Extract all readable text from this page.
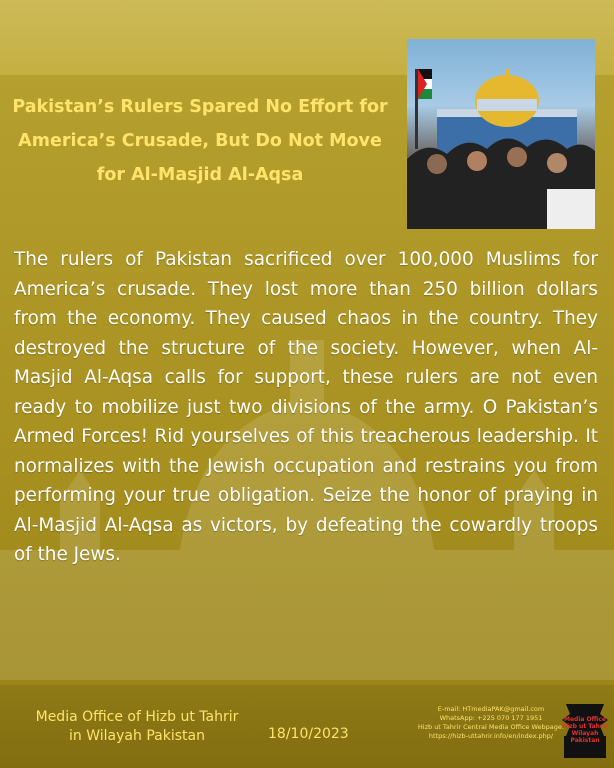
Pakistan’s Rulers Spared No Effort for
America’s Crusade, But Do Not Move
for Al-Masjid Al-Aqsa
The rulers of Pakistan sacrificed over 100,000 Muslims for America’s crusade. They lost more than 250 billion dollars from the economy. They caused chaos in the country. They destroyed the structure of the society. However, when Al-Masjid Al-Aqsa calls for support, these rulers are not even ready to mobilize just two divisions of the army. O Pakistan’s Armed Forces! Rid yourselves of this treacherous leadership. It normalizes with the Jewish occupation and restrains you from performing your true obligation. Seize the honor of praying in Al-Masjid Al-Aqsa as victors, by defeating the cowardly troops of the Jews.
Media Office of Hizb ut Tahrir
in Wilayah Pakistan	18/10/2023
E-mail: HTmediaPAK@gmail.com
WhatsApp: +225 070 177 1951
Hizb ut Tahrir Central Media Office Webpage:
https://hizb-uttahrir.info/en/index.php/
Media Office
Hizb ut Tahrir
Wilayah Pakistan
